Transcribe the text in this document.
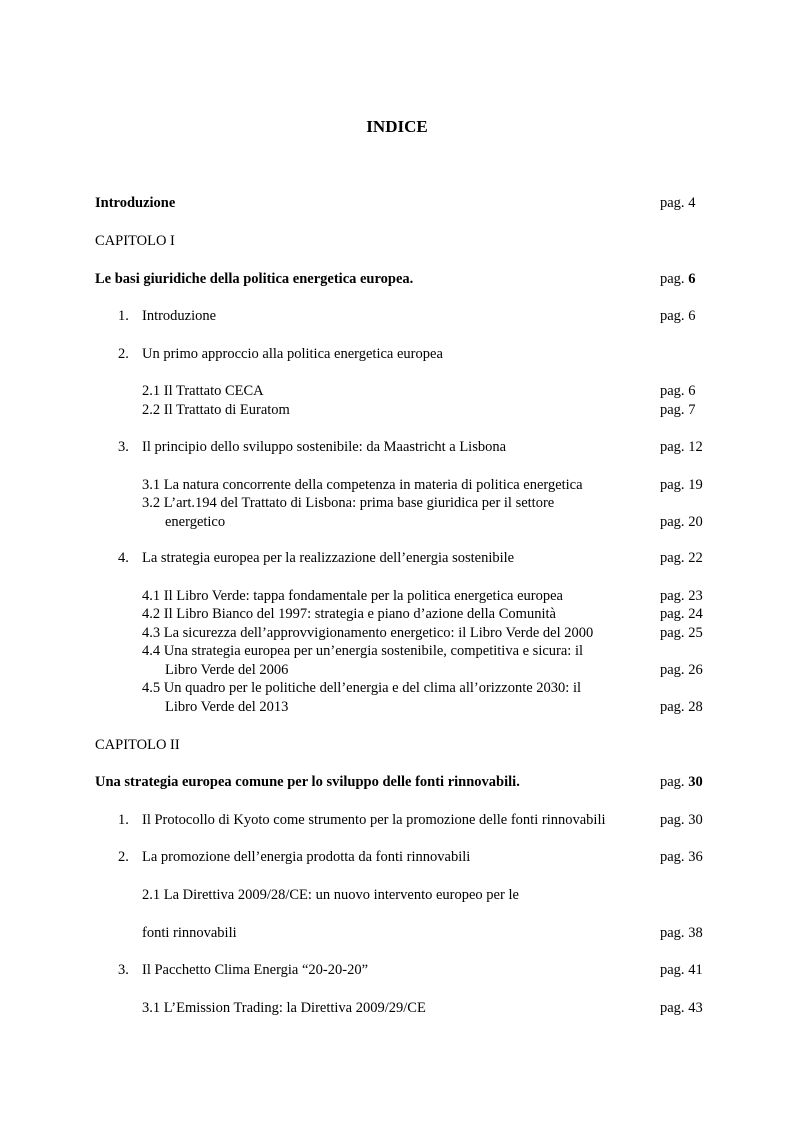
INDICE
Introduzione	pag. 4
CAPITOLO I
Le basi giuridiche della politica energetica europea.	pag. 6
1. Introduzione	pag. 6
2. Un primo approccio alla politica energetica europea
2.1 Il Trattato CECA	pag. 6
2.2 Il Trattato di Euratom	pag. 7
3. Il principio dello sviluppo sostenibile: da Maastricht a Lisbona	pag. 12
3.1 La natura concorrente della competenza in materia di politica energetica	pag. 19
3.2 L’art.194 del Trattato di Lisbona: prima base giuridica per il settore
energetico	pag. 20
4. La strategia europea per la realizzazione dell’energia sostenibile	pag. 22
4.1 Il Libro Verde: tappa fondamentale per la politica energetica europea	pag. 23
4.2 Il Libro Bianco del 1997: strategia e piano d’azione della Comunità	pag. 24
4.3 La sicurezza dell’approvvigionamento energetico: il Libro Verde del 2000	pag. 25
4.4 Una strategia europea per un’energia sostenibile, competitiva e sicura: il
Libro Verde del 2006	pag. 26
4.5 Un quadro per le politiche dell’energia e del clima all’orizzonte 2030: il
Libro Verde del 2013	pag. 28
CAPITOLO II
Una strategia europea comune per lo sviluppo delle fonti rinnovabili.	pag. 30
1. Il Protocollo di Kyoto come strumento per la promozione delle fonti rinnovabili	pag. 30
2. La promozione dell’energia prodotta da fonti rinnovabili	pag. 36
2.1 La Direttiva 2009/28/CE: un nuovo intervento europeo per le
fonti rinnovabili	pag. 38
3. Il Pacchetto Clima Energia “20-20-20”	pag. 41
3.1 L’Emission Trading: la Direttiva 2009/29/CE	pag. 43
